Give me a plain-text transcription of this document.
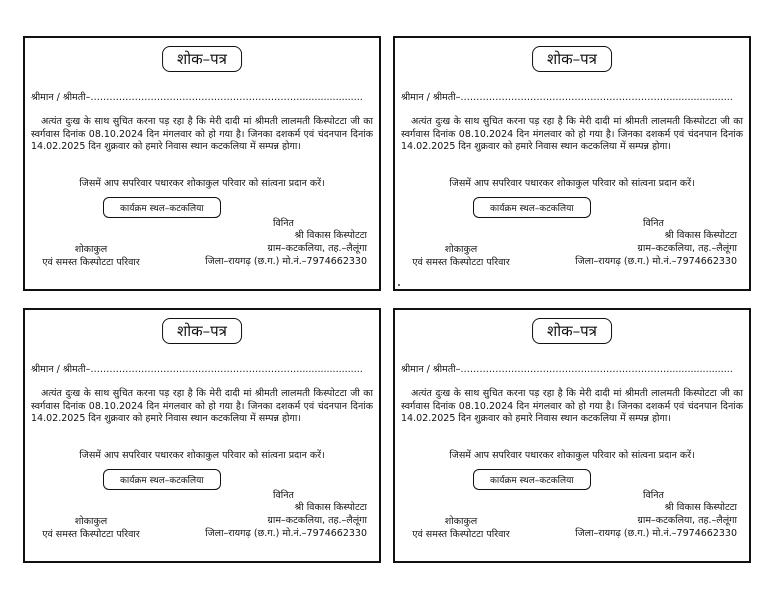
शोक–पत्र
श्रीमान / श्रीमती–………………………………………………………….....................
अत्यंत दुःख के साथ सुचित करना पड़ रहा है कि मेरी दादी मां श्रीमती लालमती किस्पोटटा जी का स्वर्गवास दिनांक 08.10.2024 दिन मंगलवार को हो गया है। जिनका दशकर्म एवं चंदनपान दिनांक 14.02.2025 दिन शुक्रवार को हमारे निवास स्थान कटकलिया में सम्पन्न होगा।
जिसमें आप सपरिवार पधारकर शोकाकुल परिवार को सांत्वना प्रदान करें।
कार्यक्रम स्थल–कटकलिया
विनित
श्री विकास किस्पोटटा
ग्राम–कटकलिया, तह.–लैलूंगा
जिला–रायगढ़ (छ.ग.) मो.नं.–7974662330
शोकाकुल
एवं समस्त किस्पोटटा परिवार
शोक–पत्र
श्रीमान / श्रीमती–………………………………………………………….....................
अत्यंत दुःख के साथ सुचित करना पड़ रहा है कि मेरी दादी मां श्रीमती लालमती किस्पोटटा जी का स्वर्गवास दिनांक 08.10.2024 दिन मंगलवार को हो गया है। जिनका दशकर्म एवं चंदनपान दिनांक 14.02.2025 दिन शुक्रवार को हमारे निवास स्थान कटकलिया में सम्पन्न होगा।
जिसमें आप सपरिवार पधारकर शोकाकुल परिवार को सांत्वना प्रदान करें।
कार्यक्रम स्थल–कटकलिया
विनित
श्री विकास किस्पोटटा
ग्राम–कटकलिया, तह.–लैलूंगा
जिला–रायगढ़ (छ.ग.) मो.नं.–7974662330
शोकाकुल
एवं समस्त किस्पोटटा परिवार
शोक–पत्र
श्रीमान / श्रीमती–………………………………………………………….....................
अत्यंत दुःख के साथ सुचित करना पड़ रहा है कि मेरी दादी मां श्रीमती लालमती किस्पोटटा जी का स्वर्गवास दिनांक 08.10.2024 दिन मंगलवार को हो गया है। जिनका दशकर्म एवं चंदनपान दिनांक 14.02.2025 दिन शुक्रवार को हमारे निवास स्थान कटकलिया में सम्पन्न होगा।
जिसमें आप सपरिवार पधारकर शोकाकुल परिवार को सांत्वना प्रदान करें।
कार्यक्रम स्थल–कटकलिया
विनित
श्री विकास किस्पोटटा
ग्राम–कटकलिया, तह.–लैलूंगा
जिला–रायगढ़ (छ.ग.) मो.नं.–7974662330
शोकाकुल
एवं समस्त किस्पोटटा परिवार
शोक–पत्र
श्रीमान / श्रीमती–………………………………………………………….....................
अत्यंत दुःख के साथ सुचित करना पड़ रहा है कि मेरी दादी मां श्रीमती लालमती किस्पोटटा जी का स्वर्गवास दिनांक 08.10.2024 दिन मंगलवार को हो गया है। जिनका दशकर्म एवं चंदनपान दिनांक 14.02.2025 दिन शुक्रवार को हमारे निवास स्थान कटकलिया में सम्पन्न होगा।
जिसमें आप सपरिवार पधारकर शोकाकुल परिवार को सांत्वना प्रदान करें।
कार्यक्रम स्थल–कटकलिया
विनित
श्री विकास किस्पोटटा
ग्राम–कटकलिया, तह.–लैलूंगा
जिला–रायगढ़ (छ.ग.) मो.नं.–7974662330
शोकाकुल
एवं समस्त किस्पोटटा परिवार
